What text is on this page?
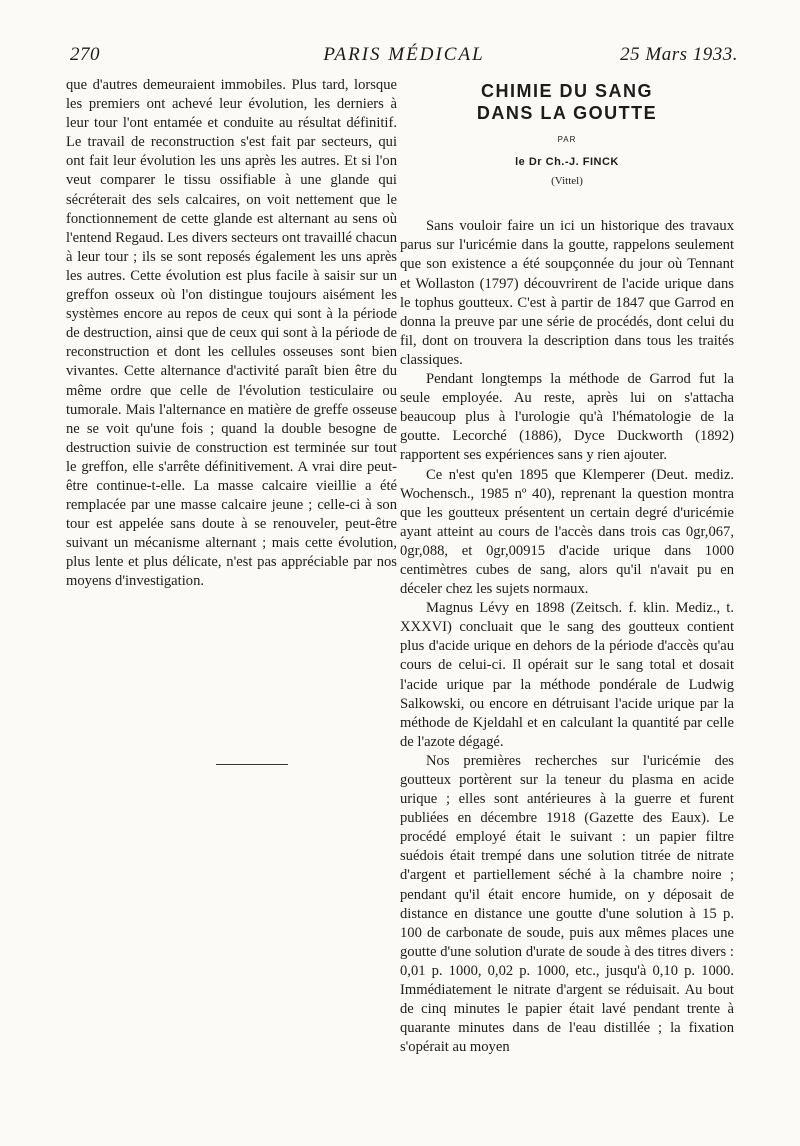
270	PARIS MÉDICAL	25 Mars 1933.

que d'autres demeuraient immobiles. Plus tard, lorsque les premiers ont achevé leur évolution, les derniers à leur tour l'ont entamée et conduite au résultat définitif. Le travail de reconstruction s'est fait par secteurs, qui ont fait leur évolution les uns après les autres. Et si l'on veut comparer le tissu ossifiable à une glande qui sécréterait des sels calcaires, on voit nettement que le fonctionnement de cette glande est alternant au sens où l'entend Regaud. Les divers secteurs ont travaillé chacun à leur tour ; ils se sont reposés également les uns après les autres. Cette évolution est plus facile à saisir sur un greffon osseux où l'on distingue toujours aisément les systèmes encore au repos de ceux qui sont à la période de destruction, ainsi que de ceux qui sont à la période de reconstruction et dont les cellules osseuses sont bien vivantes. Cette alternance d'activité paraît bien être du même ordre que celle de l'évolution testiculaire ou tumorale. Mais l'alternance en matière de greffe osseuse ne se voit qu'une fois ; quand la double besogne de destruction suivie de construction est terminée sur tout le greffon, elle s'arrête définitivement. A vrai dire peut-être continue-t-elle. La masse calcaire vieillie a été remplacée par une masse calcaire jeune ; celle-ci à son tour est appelée sans doute à se renouveler, peut-être suivant un mécanisme alternant ; mais cette évolution, plus lente et plus délicate, n'est pas appréciable par nos moyens d'investigation.

CHIMIE DU SANG
DANS LA GOUTTE
PAR
le Dr Ch.-J. FINCK
(Vittel)

Sans vouloir faire un ici un historique des travaux parus sur l'uricémie dans la goutte, rappelons seulement que son existence a été soupçonnée du jour où Tennant et Wollaston (1797) découvrirent de l'acide urique dans le tophus goutteux. C'est à partir de 1847 que Garrod en donna la preuve par une série de procédés, dont celui du fil, dont on trouvera la description dans tous les traités classiques.

Pendant longtemps la méthode de Garrod fut la seule employée. Au reste, après lui on s'attacha beaucoup plus à l'urologie qu'à l'hématologie de la goutte. Lecorché (1886), Dyce Duckworth (1892) rapportent ses expériences sans y rien ajouter.

Ce n'est qu'en 1895 que Klemperer (Deut. mediz. Wochensch., 1985 nº 40), reprenant la question montra que les goutteux présentent un certain degré d'uricémie ayant atteint au cours de l'accès dans trois cas 0gr,067, 0gr,088, et 0gr,00915 d'acide urique dans 1000 centimètres cubes de sang, alors qu'il n'avait pu en déceler chez les sujets normaux.

Magnus Lévy en 1898 (Zeitsch. f. klin. Mediz., t. XXXVI) concluait que le sang des goutteux contient plus d'acide urique en dehors de la période d'accès qu'au cours de celui-ci. Il opérait sur le sang total et dosait l'acide urique par la méthode pondérale de Ludwig Salkowski, ou encore en détruisant l'acide urique par la méthode de Kjeldahl et en calculant la quantité par celle de l'azote dégagé.

Nos premières recherches sur l'uricémie des goutteux portèrent sur la teneur du plasma en acide urique ; elles sont antérieures à la guerre et furent publiées en décembre 1918 (Gazette des Eaux). Le procédé employé était le suivant : un papier filtre suédois était trempé dans une solution titrée de nitrate d'argent et partiellement séché à la chambre noire ; pendant qu'il était encore humide, on y déposait de distance en distance une goutte d'une solution à 15 p. 100 de carbonate de soude, puis aux mêmes places une goutte d'une solution d'urate de soude à des titres divers : 0,01 p. 1000, 0,02 p. 1000, etc., jusqu'à 0,10 p. 1000. Immédiatement le nitrate d'argent se réduisait. Au bout de cinq minutes le papier était lavé pendant trente à quarante minutes dans de l'eau distillée ; la fixation s'opérait au moyen
